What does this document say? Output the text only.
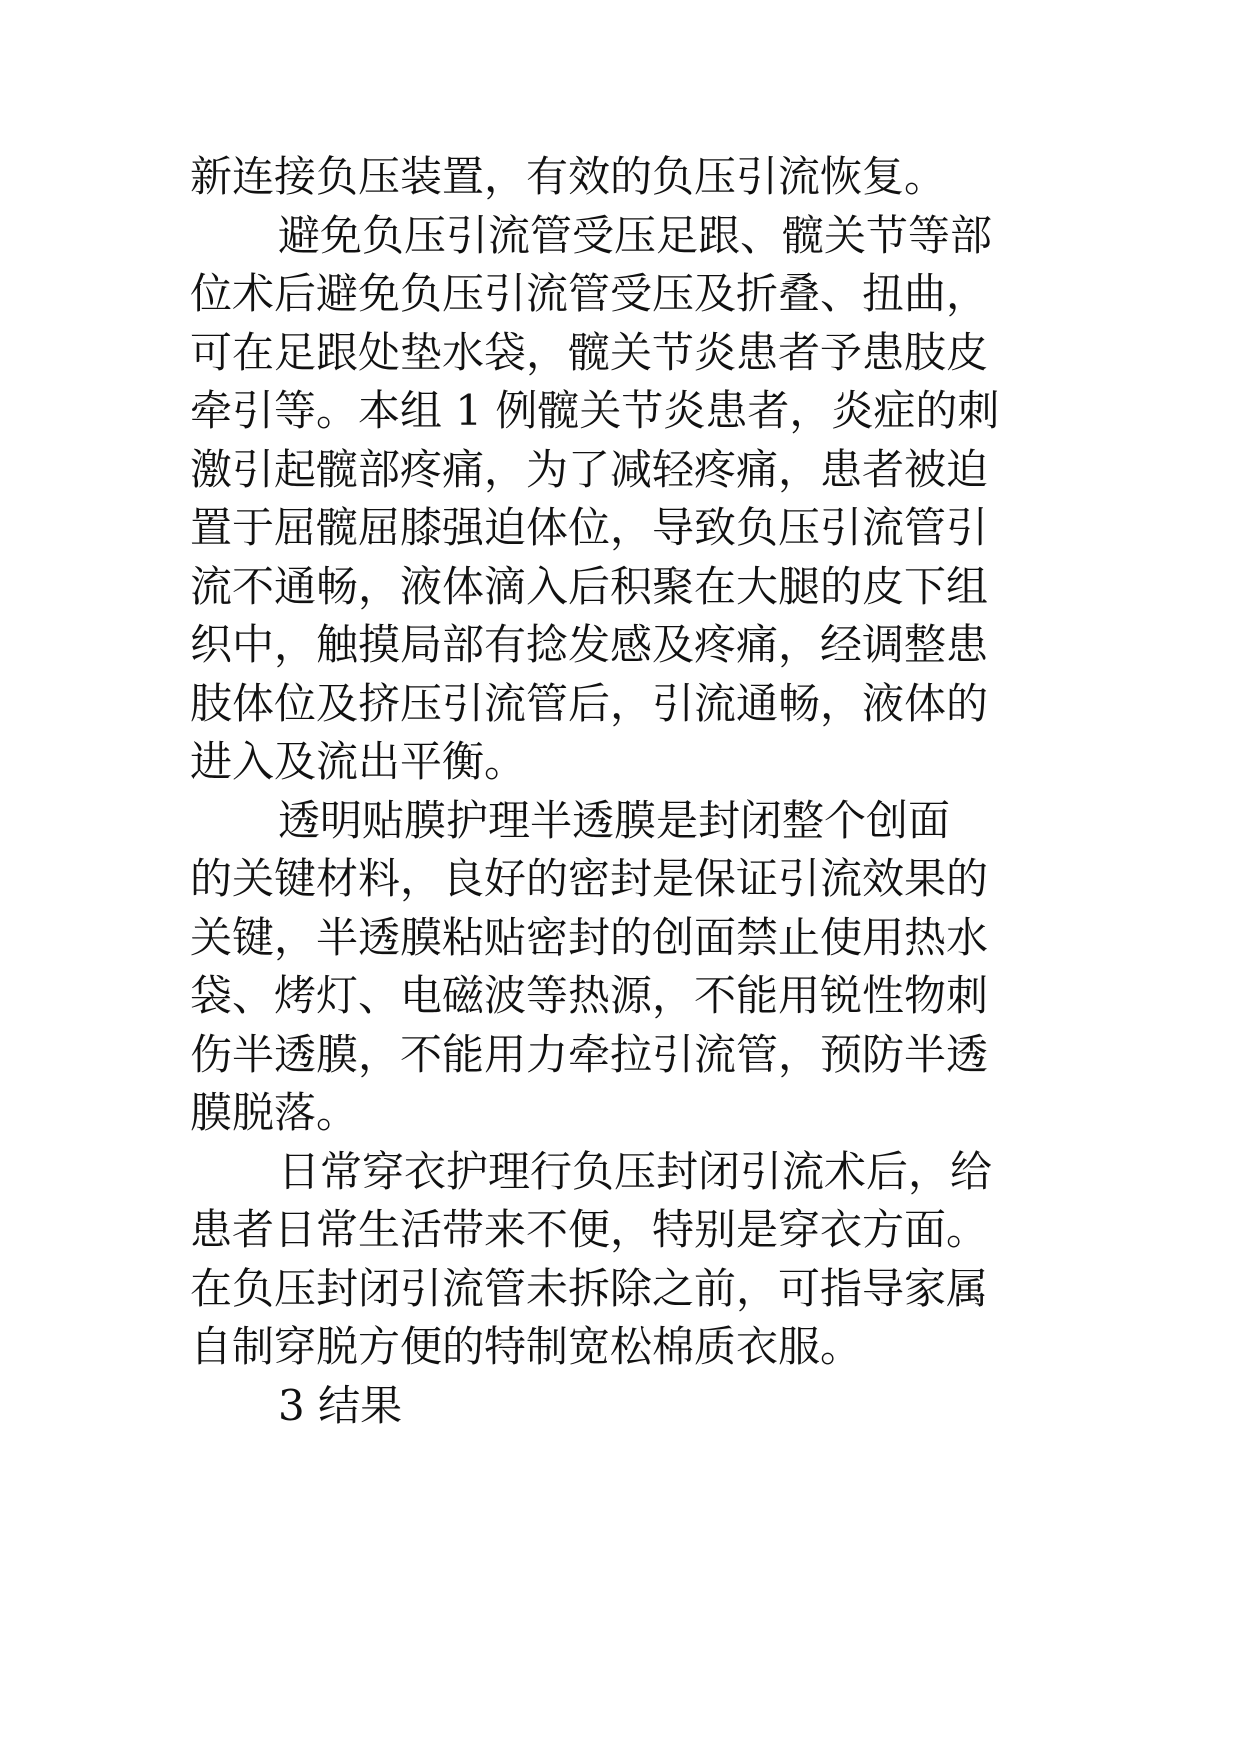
新连接负压装置，有效的负压引流恢复。
避免负压引流管受压足跟、髋关节等部
位术后避免负压引流管受压及折叠、扭曲，
可在足跟处垫水袋，髋关节炎患者予患肢皮
牵引等。本组 1 例髋关节炎患者，炎症的刺
激引起髋部疼痛，为了减轻疼痛，患者被迫
置于屈髋屈膝强迫体位，导致负压引流管引
流不通畅，液体滴入后积聚在大腿的皮下组
织中，触摸局部有捻发感及疼痛，经调整患
肢体位及挤压引流管后，引流通畅，液体的
进入及流出平衡。
透明贴膜护理半透膜是封闭整个创面
的关键材料，良好的密封是保证引流效果的
关键，半透膜粘贴密封的创面禁止使用热水
袋、烤灯、电磁波等热源，不能用锐性物刺
伤半透膜，不能用力牵拉引流管，预防半透
膜脱落。
日常穿衣护理行负压封闭引流术后，给
患者日常生活带来不便，特别是穿衣方面。
在负压封闭引流管未拆除之前，可指导家属
自制穿脱方便的特制宽松棉质衣服。
3 结果
